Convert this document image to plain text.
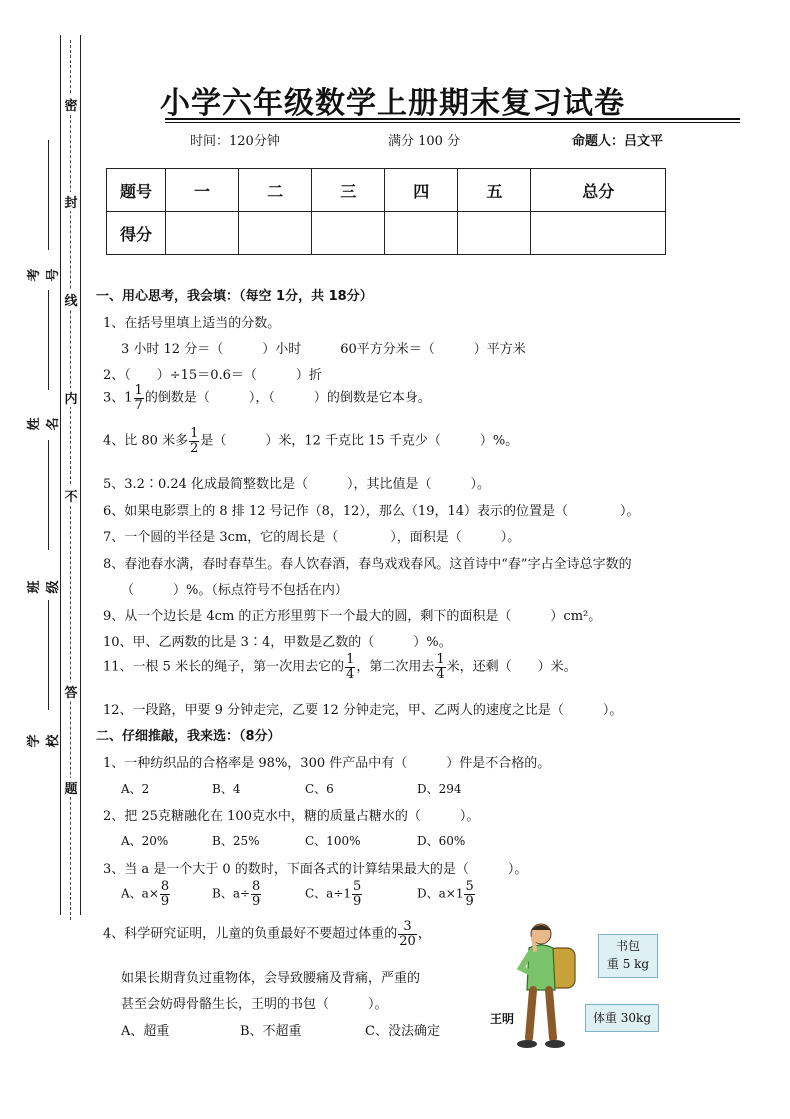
密
封
线
内
不
答
题
考号
姓名
班级
学校
小学六年级数学上册期末复习试卷
时间：120分钟	满分 100 分	命题人：吕文平
题号	一	二	三	四	五	总分
得分						
一、用心思考，我会填：（每空 1分，共 18分）
1、在括号里填上适当的分数。
3 小时 12 分＝（　　　）小时　　　60平方分米＝（　　　）平方米
2、（　　）÷15＝0.6＝（　　　）折
3、$1 \frac{1}{7}$ 的倒数是（　　　），（　　　）的倒数是它本身。
4、比 80 米多 $\frac{1}{2}$ 是（　　　）米，12 千克比 15 千克少（　　　）%。
5、3.2∶0.24 化成最简整数比是（　　　），其比值是（　　　）。
6、如果电影票上的 8 排 12 号记作（8，12），那么（19，14）表示的位置是（　　　　）。
7、一个圆的半径是 3cm，它的周长是（　　　　），面积是（　　　）。
8、春池春水满，春时春草生。春人饮春酒，春鸟戏戏春风。这首诗中“春”字占全诗总字数的
（　　　）%。（标点符号不包括在内）
9、从一个边长是 4cm 的正方形里剪下一个最大的圆，剩下的面积是（　　　）cm²。
10、甲、乙两数的比是 3∶4，甲数是乙数的（　　　）%。
11、一根 5 米长的绳子，第一次用去它的 $\frac{1}{4}$ ，第二次用去 $\frac{1}{4}$ 米，还剩（　　）米。
12、一段路，甲要 9 分钟走完，乙要 12 分钟走完，甲、乙两人的速度之比是（　　　）。
二、仔细推敲，我来选：（8分）
1、一种纺织品的合格率是 98%，300 件产品中有（　　　）件是不合格的。
A、2	B、4	C、6	D、294
2、把 25克糖融化在 100克水中，糖的质量占糖水的（　　　）。
A、20%	B、25%	C、100%	D、60%
3、当 a 是一个大于 0 的数时，下面各式的计算结果最大的是（　　　）。
A、$a\times \frac{8}{9}$	B、$a\div \frac{8}{9}$	C、$a\div 1 \frac{5}{9}$	D、$a\times 1 \frac{5}{9}$
4、科学研究证明，儿童的负重最好不要超过体重的 $\frac{3}{20}$ ，
如果长期背负过重物体，会导致腰痛及背痛，严重的
甚至会妨碍骨骼生长，王明的书包（　　　）。
A、超重	B、不超重	C、没法确定
书包
重 5 kg
王明	体重 30kg
